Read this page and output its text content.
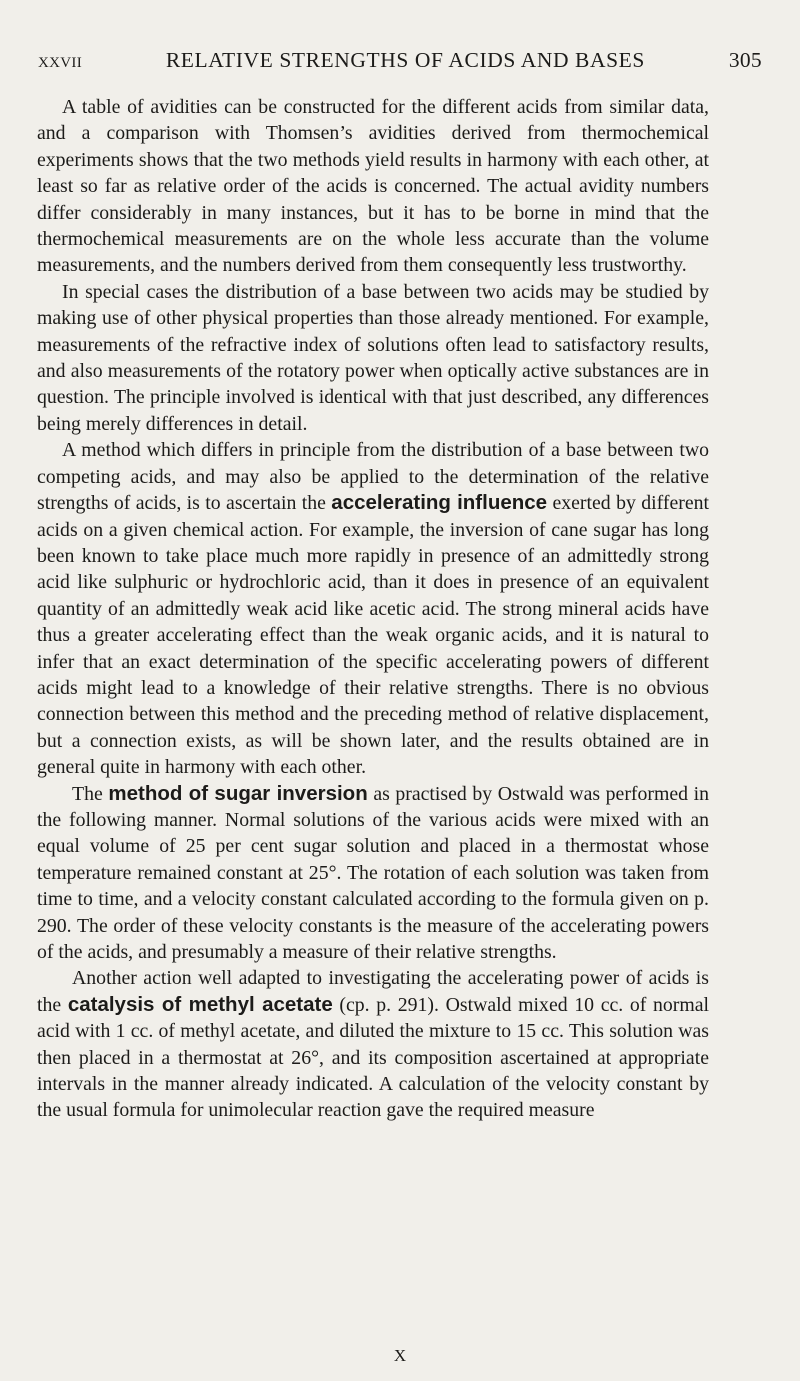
xxvii	RELATIVE STRENGTHS OF ACIDS AND BASES	305

A table of avidities can be constructed for the different acids from similar data, and a comparison with Thomsen’s avidities derived from thermochemical experiments shows that the two methods yield results in harmony with each other, at least so far as relative order of the acids is concerned. The actual avidity numbers differ considerably in many instances, but it has to be borne in mind that the thermochemical measurements are on the whole less accurate than the volume measurements, and the numbers derived from them consequently less trustworthy.

In special cases the distribution of a base between two acids may be studied by making use of other physical properties than those already mentioned. For example, measurements of the refractive index of solutions often lead to satisfactory results, and also measurements of the rotatory power when optically active substances are in question. The principle involved is identical with that just described, any differences being merely differences in detail.

A method which differs in principle from the distribution of a base between two competing acids, and may also be applied to the determination of the relative strengths of acids, is to ascertain the accelerating influence exerted by different acids on a given chemical action. For example, the inversion of cane sugar has long been known to take place much more rapidly in presence of an admittedly strong acid like sulphuric or hydrochloric acid, than it does in presence of an equivalent quantity of an admittedly weak acid like acetic acid. The strong mineral acids have thus a greater accelerating effect than the weak organic acids, and it is natural to infer that an exact determination of the specific accelerating powers of different acids might lead to a knowledge of their relative strengths. There is no obvious connection between this method and the preceding method of relative displacement, but a connection exists, as will be shown later, and the results obtained are in general quite in harmony with each other.

The method of sugar inversion as practised by Ostwald was performed in the following manner. Normal solutions of the various acids were mixed with an equal volume of 25 per cent sugar solution and placed in a thermostat whose temperature remained constant at 25°. The rotation of each solution was taken from time to time, and a velocity constant calculated according to the formula given on p. 290. The order of these velocity constants is the measure of the accelerating powers of the acids, and presumably a measure of their relative strengths.

Another action well adapted to investigating the accelerating power of acids is the catalysis of methyl acetate (cp. p. 291). Ostwald mixed 10 cc. of normal acid with 1 cc. of methyl acetate, and diluted the mixture to 15 cc. This solution was then placed in a thermostat at 26°, and its composition ascertained at appropriate intervals in the manner already indicated. A calculation of the velocity constant by the usual formula for unimolecular reaction gave the required measure

X
